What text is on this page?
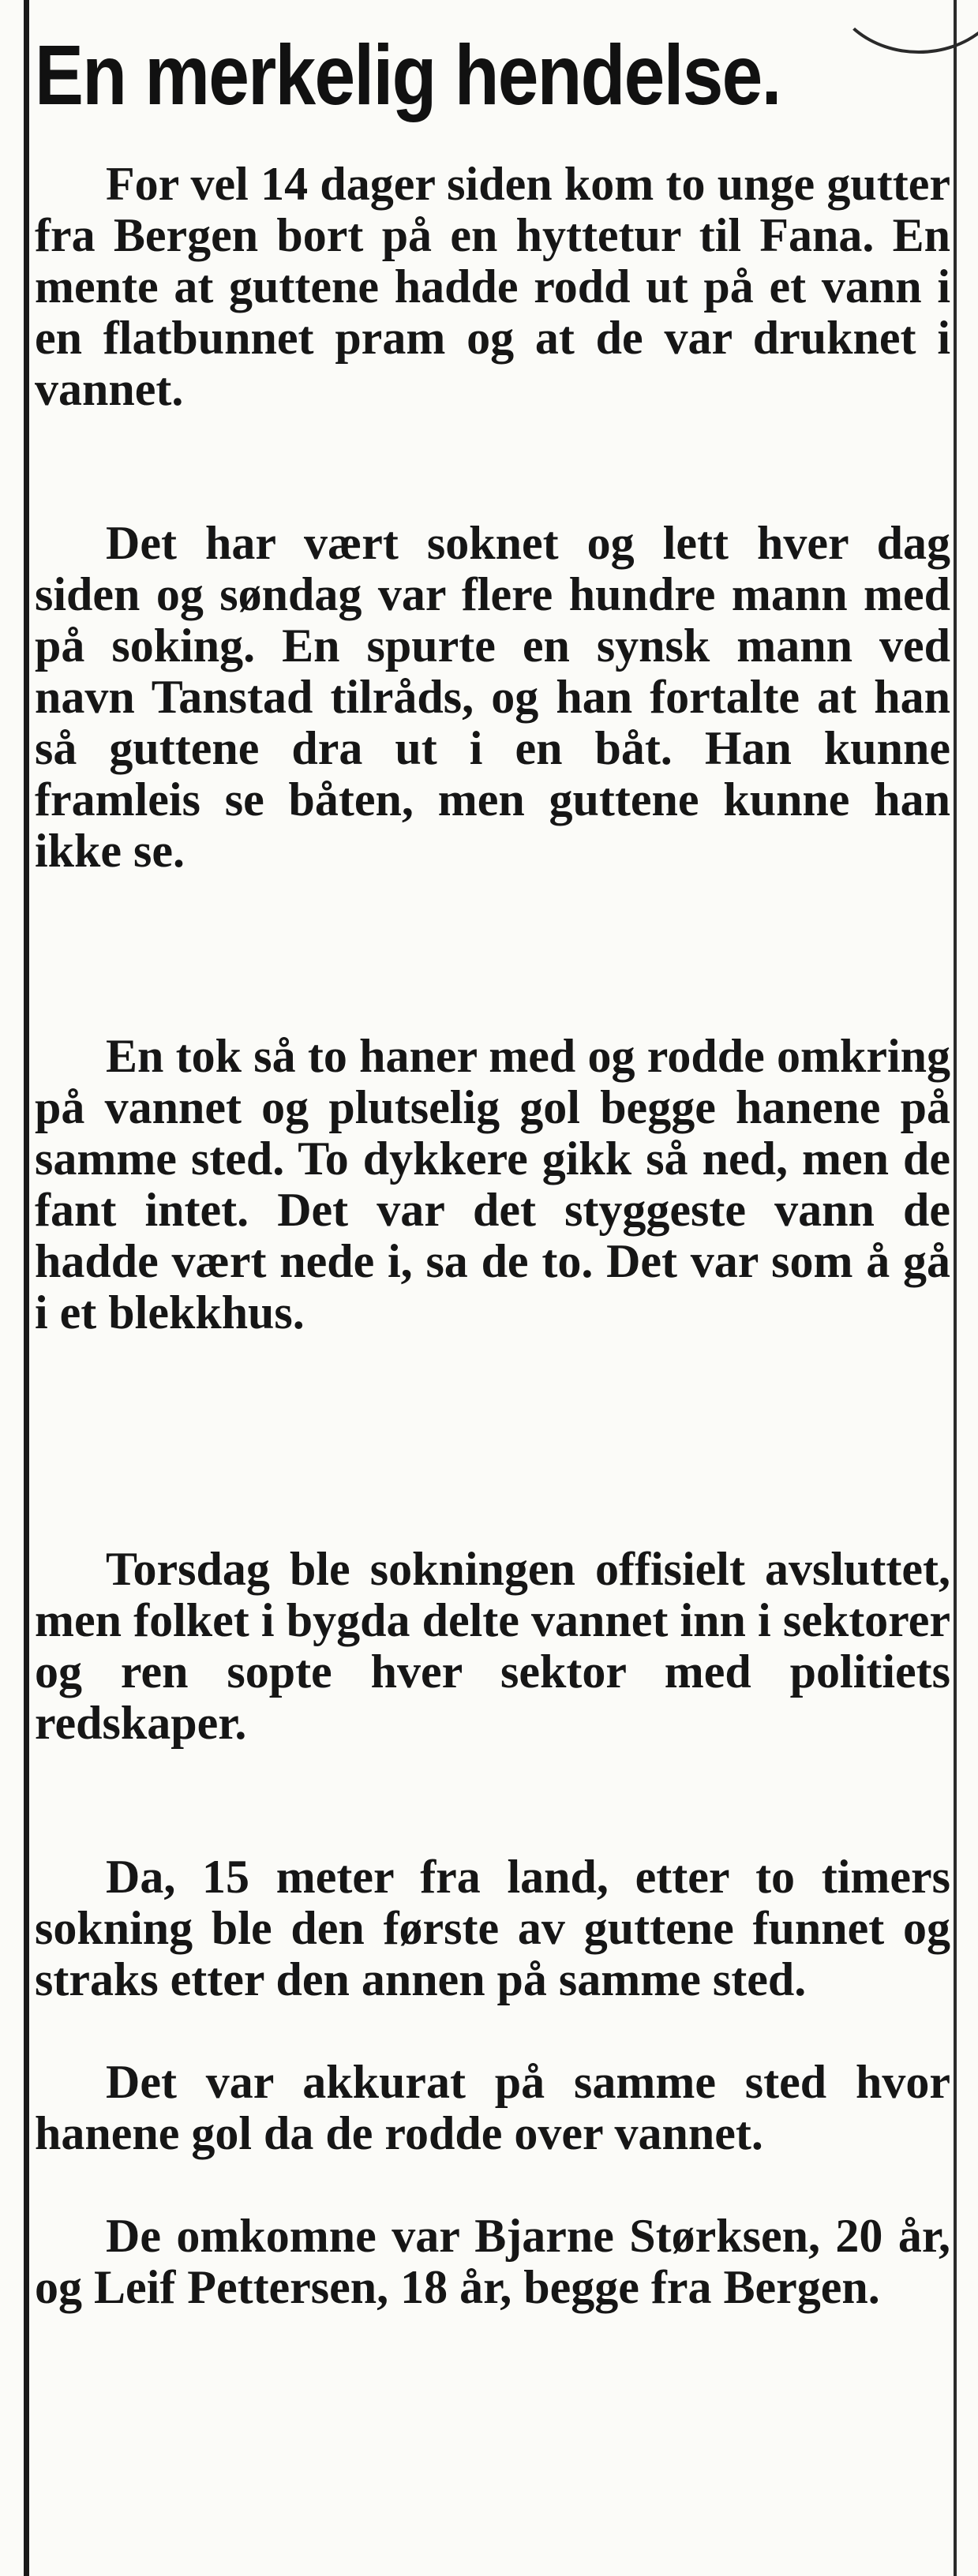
En merkelig hendelse.

For vel 14 dager siden kom to unge gutter fra Bergen bort på en hyttetur til Fana. En mente at guttene hadde rodd ut på et vann i en flatbunnet pram og at de var druknet i vannet.

Det har vært soknet og lett hver dag siden og søndag var flere hundre mann med på soking. En spurte en synsk mann ved navn Tanstad tilråds, og han fortalte at han så guttene dra ut i en båt. Han kunne framleis se båten, men guttene kunne han ikke se.

En tok så to haner med og rodde omkring på vannet og plutselig gol begge hanene på samme sted. To dykkere gikk så ned, men de fant intet. Det var det styggeste vann de hadde vært nede i, sa de to. Det var som å gå i et blekkhus.

Torsdag ble sokningen offisielt avsluttet, men folket i bygda delte vannet inn i sektorer og ren sopte hver sektor med politiets redskaper.

Da, 15 meter fra land, etter to timers sokning ble den første av guttene funnet og straks etter den annen på samme sted.

Det var akkurat på samme sted hvor hanene gol da de rodde over vannet.

De omkomne var Bjarne Størksen, 20 år, og Leif Pettersen, 18 år, begge fra Bergen.
